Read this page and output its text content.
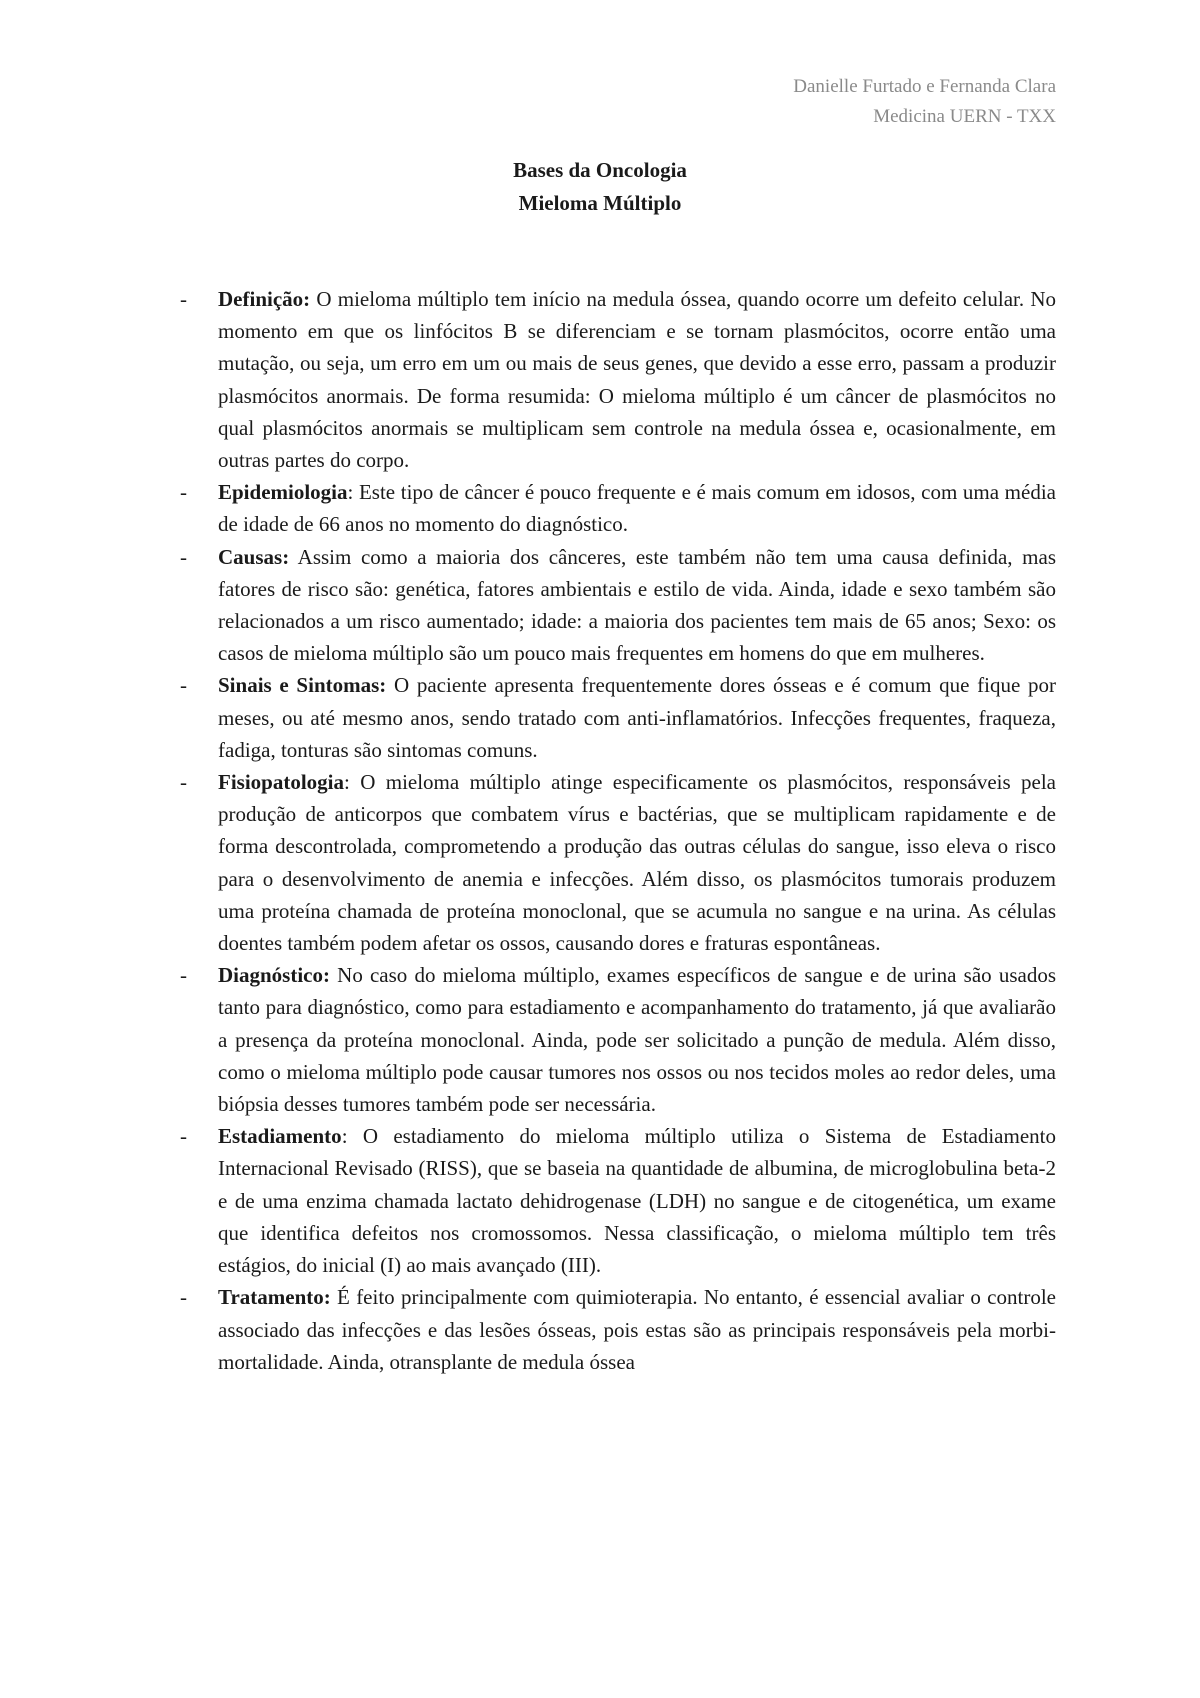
Danielle Furtado e Fernanda Clara
Medicina UERN - TXX
Bases da Oncologia
Mieloma Múltiplo
- Definição: O mieloma múltiplo tem início na medula óssea, quando ocorre um defeito celular. No momento em que os linfócitos B se diferenciam e se tornam plasmócitos, ocorre então uma mutação, ou seja, um erro em um ou mais de seus genes, que devido a esse erro, passam a produzir plasmócitos anormais. De forma resumida: O mieloma múltiplo é um câncer de plasmócitos no qual plasmócitos anormais se multiplicam sem controle na medula óssea e, ocasionalmente, em outras partes do corpo.
- Epidemiologia: Este tipo de câncer é pouco frequente e é mais comum em idosos, com uma média de idade de 66 anos no momento do diagnóstico.
- Causas: Assim como a maioria dos cânceres, este também não tem uma causa definida, mas fatores de risco são: genética, fatores ambientais e estilo de vida. Ainda, idade e sexo também são relacionados a um risco aumentado; idade: a maioria dos pacientes tem mais de 65 anos; Sexo: os casos de mieloma múltiplo são um pouco mais frequentes em homens do que em mulheres.
- Sinais e Sintomas: O paciente apresenta frequentemente dores ósseas e é comum que fique por meses, ou até mesmo anos, sendo tratado com anti-inflamatórios. Infecções frequentes, fraqueza, fadiga, tonturas são sintomas comuns.
- Fisiopatologia: O mieloma múltiplo atinge especificamente os plasmócitos, responsáveis pela produção de anticorpos que combatem vírus e bactérias, que se multiplicam rapidamente e de forma descontrolada, comprometendo a produção das outras células do sangue, isso eleva o risco para o desenvolvimento de anemia e infecções. Além disso, os plasmócitos tumorais produzem uma proteína chamada de proteína monoclonal, que se acumula no sangue e na urina. As células doentes também podem afetar os ossos, causando dores e fraturas espontâneas.
- Diagnóstico: No caso do mieloma múltiplo, exames específicos de sangue e de urina são usados tanto para diagnóstico, como para estadiamento e acompanhamento do tratamento, já que avaliarão a presença da proteína monoclonal. Ainda, pode ser solicitado a punção de medula. Além disso, como o mieloma múltiplo pode causar tumores nos ossos ou nos tecidos moles ao redor deles, uma biópsia desses tumores também pode ser necessária.
- Estadiamento: O estadiamento do mieloma múltiplo utiliza o Sistema de Estadiamento Internacional Revisado (RISS), que se baseia na quantidade de albumina, de microglobulina beta-2 e de uma enzima chamada lactato dehidrogenase (LDH) no sangue e de citogenética, um exame que identifica defeitos nos cromossomos. Nessa classificação, o mieloma múltiplo tem três estágios, do inicial (I) ao mais avançado (III).
- Tratamento: É feito principalmente com quimioterapia. No entanto, é essencial avaliar o controle associado das infecções e das lesões ósseas, pois estas são as principais responsáveis pela morbi-mortalidade. Ainda, otransplante de medula óssea
